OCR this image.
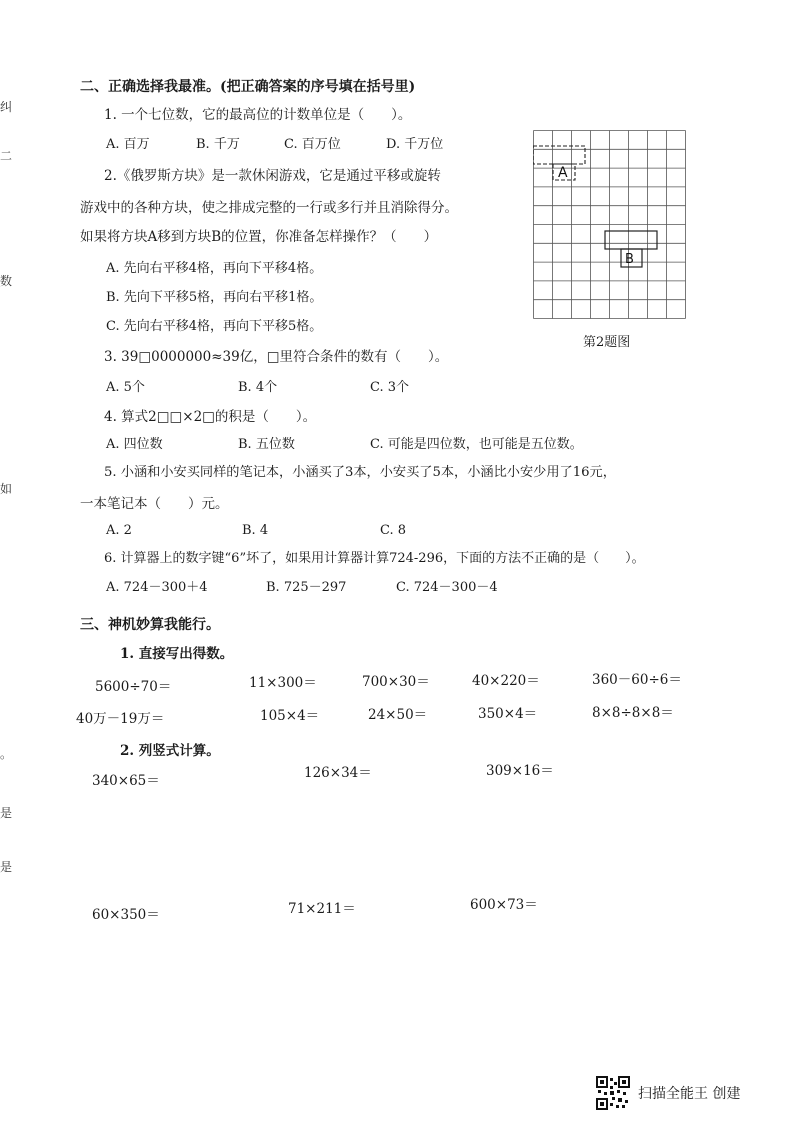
纠
二
数
如
。
是
是
二、正确选择我最准。(把正确答案的序号填在括号里)
1. 一个七位数，它的最高位的计数单位是（　　）。
A. 百万	B. 千万	C. 百万位	D. 千万位
2.《俄罗斯方块》是一款休闲游戏，它是通过平移或旋转
游戏中的各种方块，使之排成完整的一行或多行并且消除得分。
如果将方块A移到方块B的位置，你准备怎样操作？（　　）
A. 先向右平移4格，再向下平移4格。
B. 先向下平移5格，再向右平移1格。
C. 先向右平移4格，再向下平移5格。
A
B
第2题图
3. 39□0000000≈39亿，□里符合条件的数有（　　）。
A. 5个	B. 4个	C. 3个
4. 算式2□□×2□的积是（　　）。
A. 四位数	B. 五位数	C. 可能是四位数，也可能是五位数。
5. 小涵和小安买同样的笔记本，小涵买了3本，小安买了5本，小涵比小安少用了16元，
一本笔记本（　　）元。
A. 2	B. 4	C. 8
6. 计算器上的数字键“6”坏了，如果用计算器计算724-296，下面的方法不正确的是（　　）。
A. 724－300＋4	B. 725－297	C. 724－300－4
三、神机妙算我能行。
1. 直接写出得数。
5600÷70＝	11×300＝	700×30＝	40×220＝	360－60÷6＝
40万－19万＝	105×4＝	24×50＝	350×4＝	8×8÷8×8＝
2. 列竖式计算。
340×65＝	126×34＝	309×16＝
60×350＝	71×211＝	600×73＝
扫描全能王 创建
